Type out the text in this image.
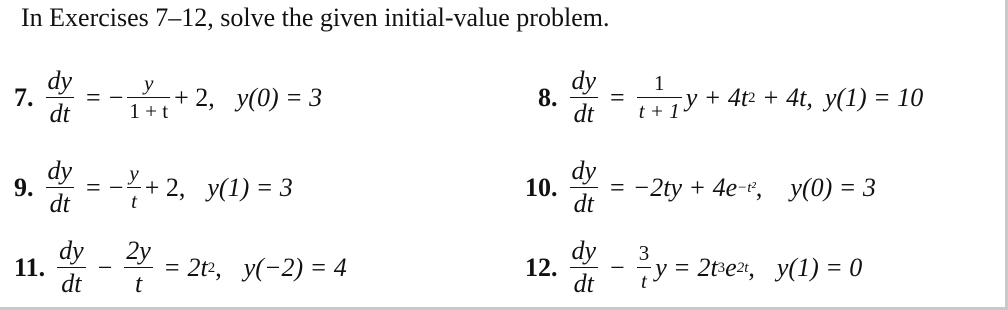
In Exercises 7–12, solve the given initial-value problem.
7. $\frac{dy}{dt}$ = − $\frac{y}{1 + t} + 2$, y(0) = 3	8. $\frac{dy}{dt} = \frac{1}{t + 1}$ y + 4t 2 + 4t, y(1) = 10
9. $\frac{dy}{dt}$ = − $\frac{y}{t} + 2$, y(1) = 3	10. $\frac{dy}{dt} = -2ty + 4e -t^2$ , y(0) = 3
11. $\frac{dy}{dt} - \frac{2y}{t} = 2t$ 2 , y(−2) = 4	12. $\frac{dy}{dt} - \frac{3}{t}$ y = 2t 3 e 2t , y(1) = 0
